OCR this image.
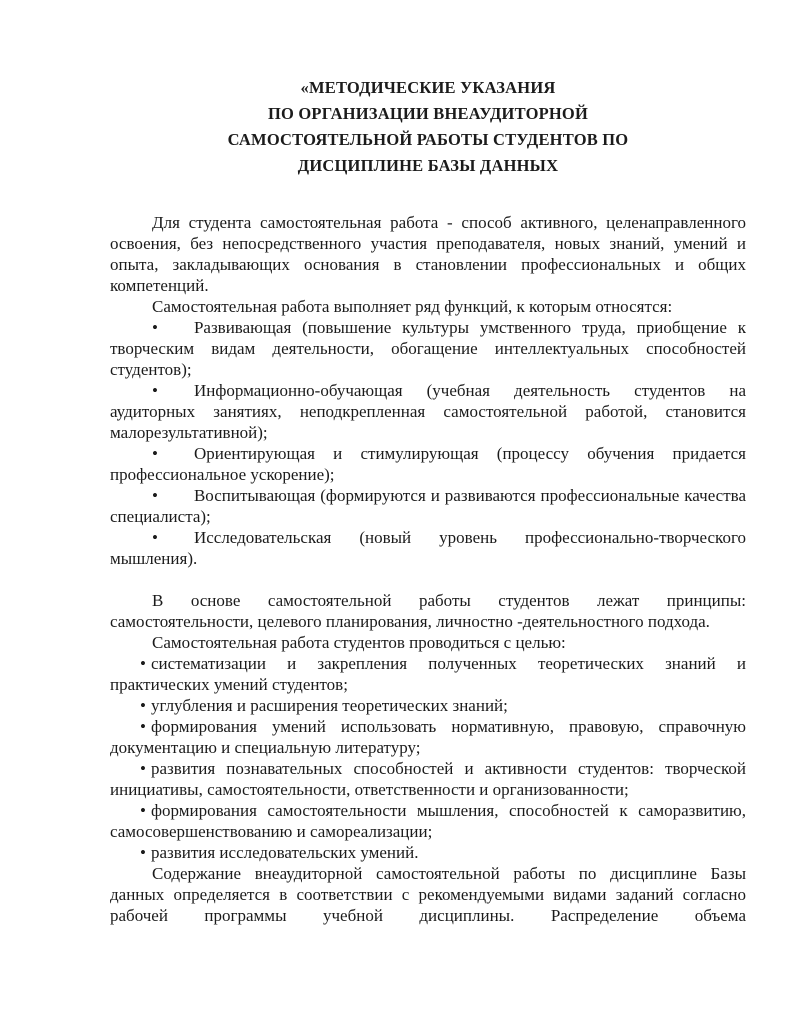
«МЕТОДИЧЕСКИЕ УКАЗАНИЯ
ПО ОРГАНИЗАЦИИ ВНЕАУДИТОРНОЙ
САМОСТОЯТЕЛЬНОЙ РАБОТЫ СТУДЕНТОВ ПО
ДИСЦИПЛИНЕ БАЗЫ ДАННЫХ

Для студента самостоятельная работа - способ активного, целенаправленного освоения, без непосредственного участия преподавателя, новых знаний, умений и опыта, закладывающих основания в становлении профессиональных и общих компетенций.

Самостоятельная работа выполняет ряд функций, к которым относятся:

• Развивающая (повышение культуры умственного труда, приобщение к творческим видам деятельности, обогащение интеллектуальных способностей студентов);

• Информационно-обучающая (учебная деятельность студентов на аудиторных занятиях, неподкрепленная самостоятельной работой, становится малорезультативной);

• Ориентирующая и стимулирующая (процессу обучения придается профессиональное ускорение);

• Воспитывающая (формируются и развиваются профессиональные качества специалиста);

• Исследовательская (новый уровень профессионально-творческого мышления).

В основе самостоятельной работы студентов лежат принципы: самостоятельности, целевого планирования, личностно -деятельностного подхода.

Самостоятельная работа студентов проводиться с целью:

• систематизации и закрепления полученных теоретических знаний и практических умений студентов;

• углубления и расширения теоретических знаний;

• формирования умений использовать нормативную, правовую, справочную документацию и специальную литературу;

• развития познавательных способностей и активности студентов: творческой инициативы, самостоятельности, ответственности и организованности;

• формирования самостоятельности мышления, способностей к саморазвитию, самосовершенствованию и самореализации;

• развития исследовательских умений.

Содержание внеаудиторной самостоятельной работы по дисциплине Базы данных определяется в соответствии с рекомендуемыми видами заданий согласно рабочей программы учебной дисциплины. Распределение объема
